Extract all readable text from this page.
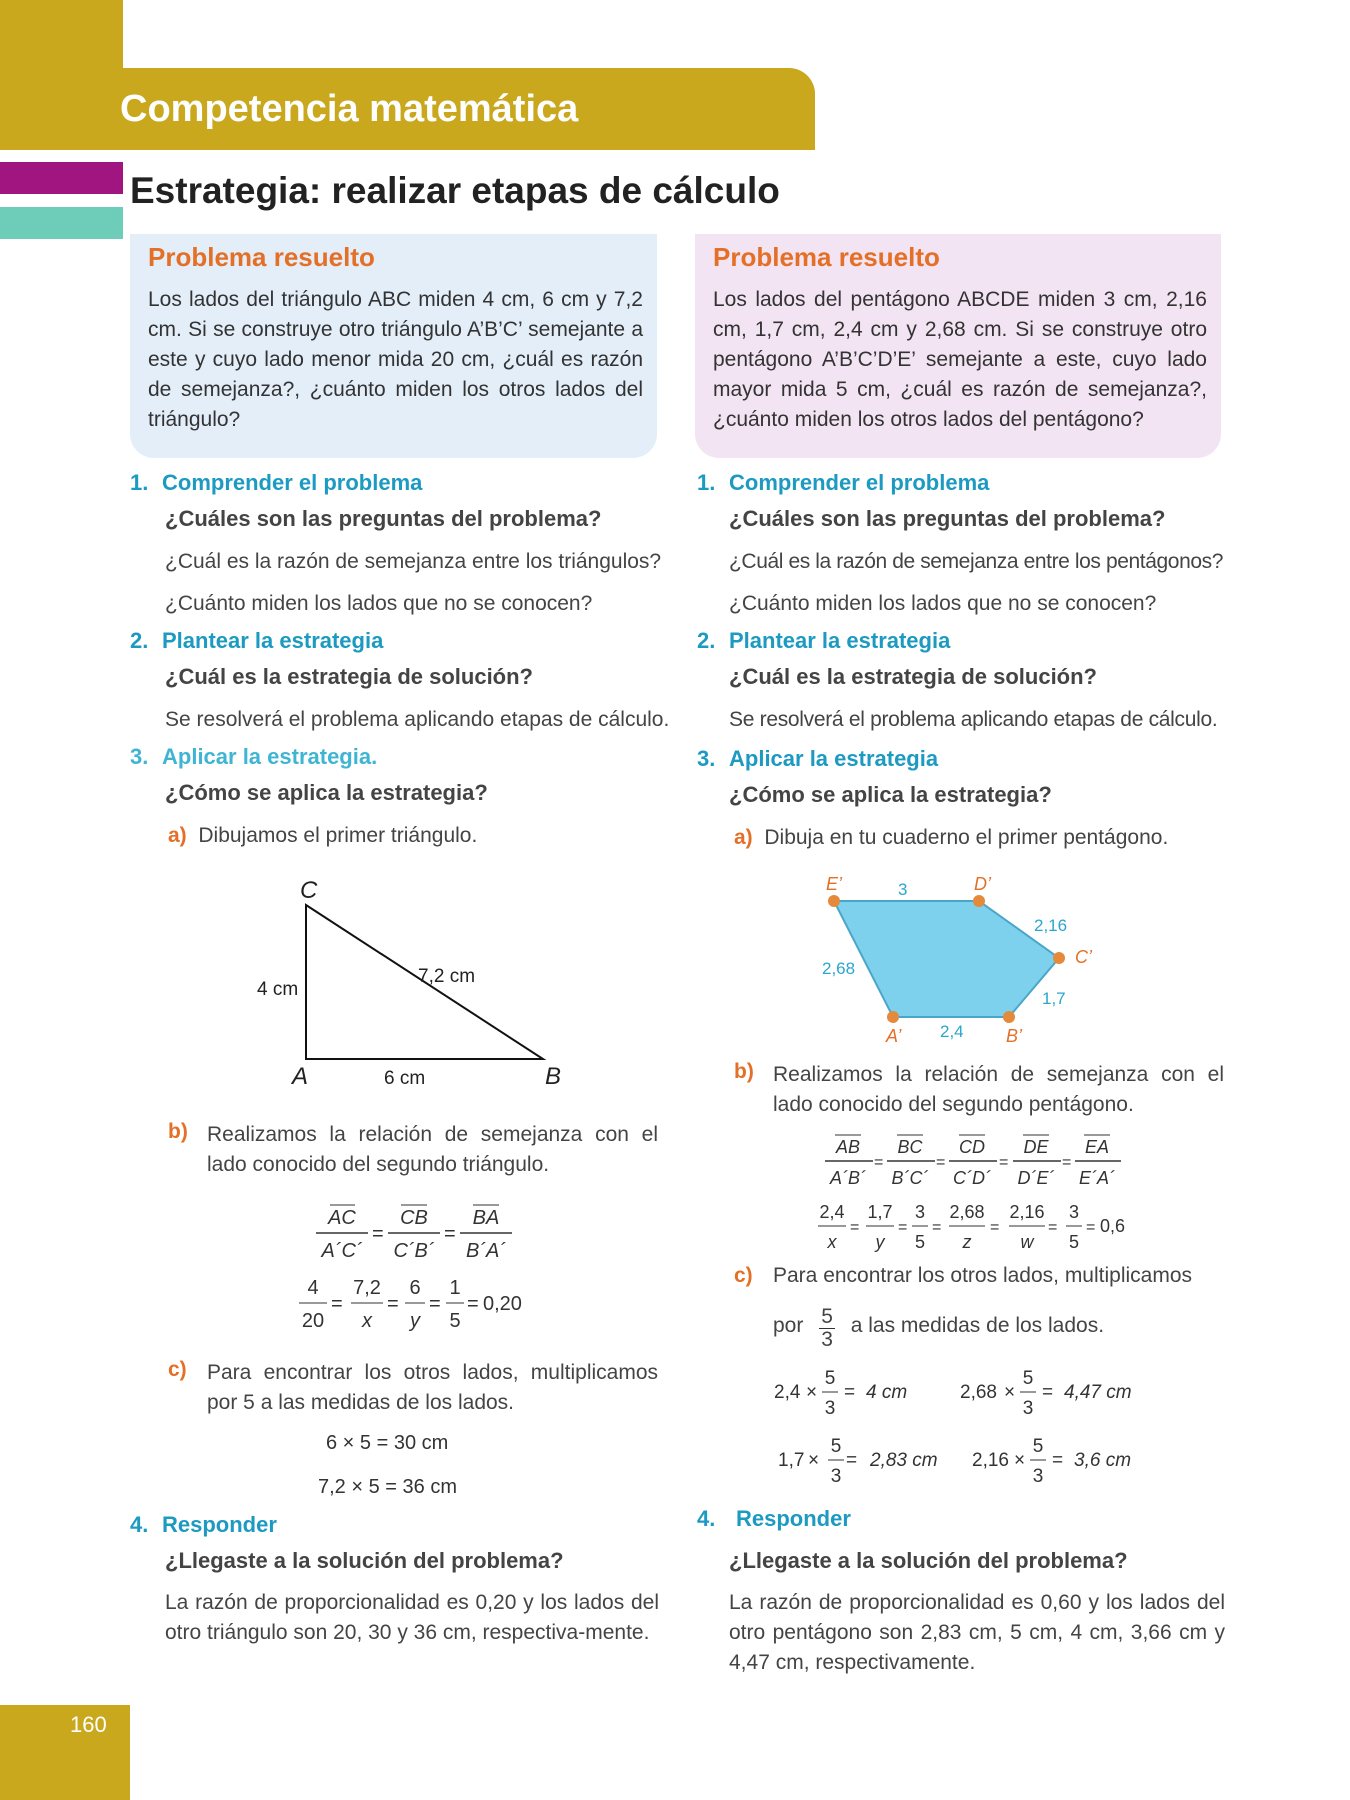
Competencia matemática
Estrategia: realizar etapas de cálculo
Problema resuelto

Los lados del triángulo ABC miden 4 cm, 6 cm y 7,2 cm. Si se construye otro triángulo A’B’C’ semejante a este y cuyo lado menor mida 20 cm, ¿cuál es razón de semejanza?, ¿cuánto miden los otros lados del triángulo?

Problema resuelto

Los lados del pentágono ABCDE miden 3 cm, 2,16 cm, 1,7 cm, 2,4 cm y 2,68 cm. Si se construye otro pentágono A’B’C’D’E’ semejante a este, cuyo lado mayor mida 5 cm, ¿cuál es razón de semejanza?, ¿cuánto miden los otros lados del pentágono?

1. Comprender el problema
¿Cuáles son las preguntas del problema?
¿Cuál es la razón de semejanza entre los triángulos?
¿Cuánto miden los lados que no se conocen?
2. Plantear la estrategia
¿Cuál es la estrategia de solución?
Se resolverá el problema aplicando etapas de cálculo.
3. Aplicar la estrategia.
¿Cómo se aplica la estrategia?
a) Dibujamos el primer triángulo.
C
A	B
4 cm
6 cm
7,2 cm
b) Realizamos la relación de semejanza con el lado conocido del segundo triángulo.
AC
A´C´
CB
C´B´
BA
B´A´
=	=
4
20
7,2
x
6
y
1
5
= = = = 0,20
c) Para encontrar los otros lados, multiplicamos por 5 a las medidas de los lados.
6 × 5 = 30 cm
7,2 × 5 = 36 cm
4. Responder
¿Llegaste a la solución del problema?
La razón de proporcionalidad es 0,20 y los lados del otro triángulo son 20, 30 y 36 cm, respectiva-mente.
1. Comprender el problema
¿Cuáles son las preguntas del problema?
¿Cuál es la razón de semejanza entre los pentágonos?
¿Cuánto miden los lados que no se conocen?
2. Plantear la estrategia
¿Cuál es la estrategia de solución?
Se resolverá el problema aplicando etapas de cálculo.
3. Aplicar la estrategia
¿Cómo se aplica la estrategia?
a) Dibuja en tu cuaderno el primer pentágono.
E’	D’
C’
B’
A’
3
2,16
1,7
2,4
2,68
b) Realizamos la relación de semejanza con el lado conocido del segundo pentágono.
AB
A´B´
BC
B´C´
CD
C´D´
DE
D´E´
EA
E´A´
=	=	=	=
2,4
x
1,7
y
3
5
2,68
z
2,16
w
3
5
= = =	=	= = 0,6
c) Para encontrar los otros lados, multiplicamos
por $\frac{5}{3}$ a las medidas de los lados.
2,4 ×
5
3
= 4 cm	2,68 ×
5
3
= 4,47 cm
1,7 ×
5
3
= 2,83 cm 2,16 ×
5
3
= 3,6 cm
4. Responder
¿Llegaste a la solución del problema?
La razón de proporcionalidad es 0,60 y los lados del otro pentágono son 2,83 cm, 5 cm, 4 cm, 3,66 cm y 4,47 cm, respectivamente.
160
